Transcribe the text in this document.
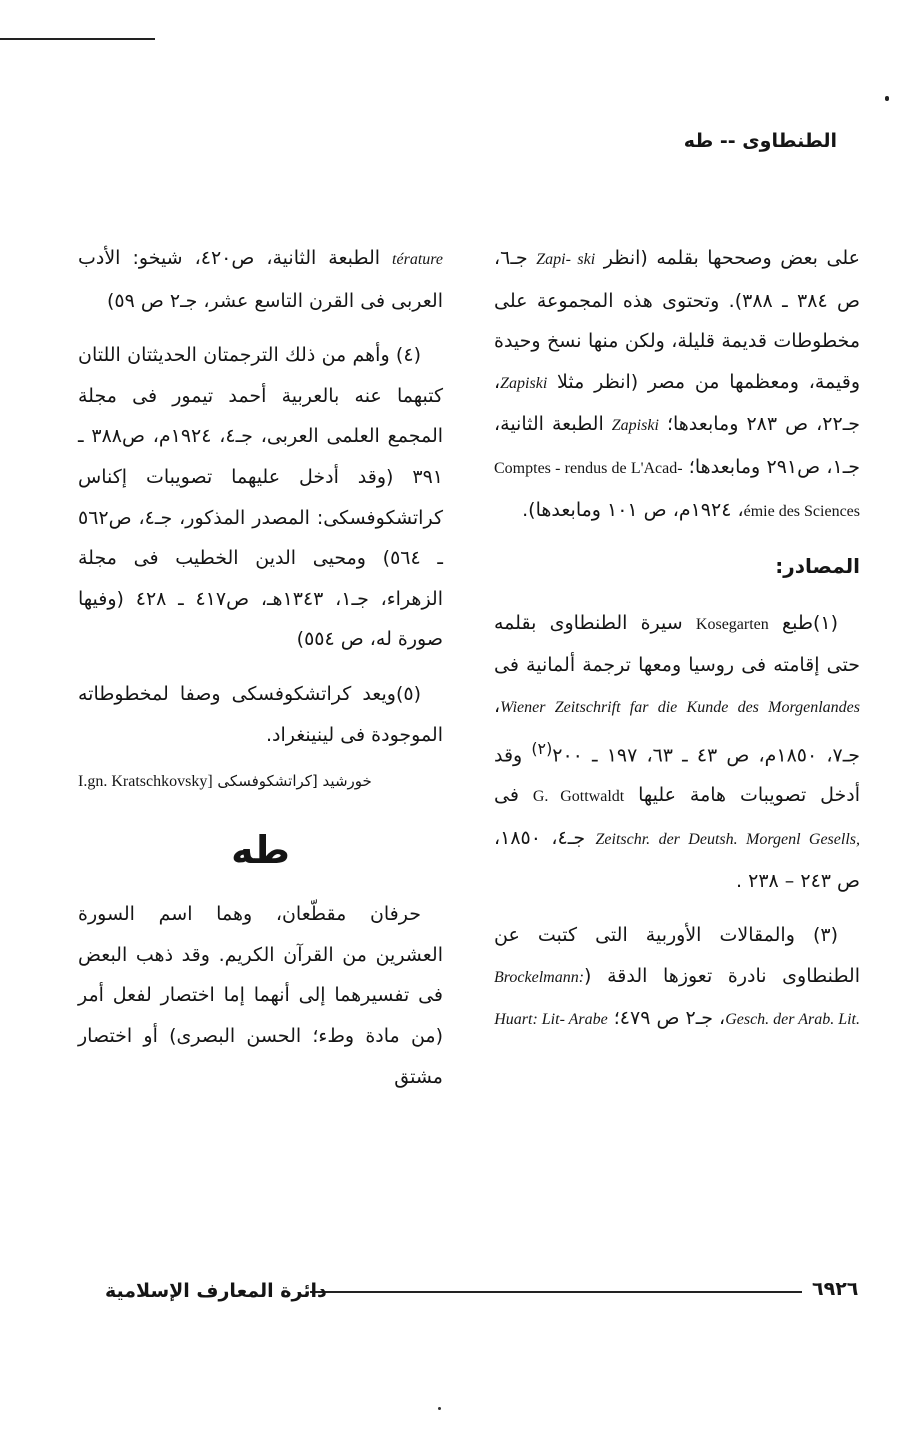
الطنطاوى -- طه

على بعض وصححها بقلمه (انظر Zapi- ski جـ٦، ص ٣٨٤ ـ ٣٨٨). وتحتوى هذه المجموعة على مخطوطات قديمة قليلة، ولكن منها نسخ وحيدة وقيمة، ومعظمها من مصر (انظر مثلا Zapiski، جـ٢٢، ص ٢٨٣ ومابعدها؛ Zapiski الطبعة الثانية، جـ١، ص٢٩١ ومابعدها؛ Comptes - rendus de L'Acad- émie des Sciences، ١٩٢٤م، ص ١٠١ ومابعدها).

المصادر:

(١)طبع Kosegarten سيرة الطنطاوى بقلمه حتى إقامته فى روسيا ومعها ترجمة ألمانية فى Wiener Zeitschrift far die Kunde des Morgenlandes، جـ٧، ١٨٥٠م، ص ٤٣ ـ ٦٣، ١٩٧ ـ ٢٠٠$^{(٢)}$ وقد أدخل تصويبات هامة عليها G. Gottwaldt فى Zeitschr. der Deutsh. Morgenl Gesells, جـ٤، ١٨٥٠، ص ٢٤٣ – ٢٣٨ .

(٣) والمقالات الأوربية التى كتبت عن الطنطاوى نادرة تعوزها الدقة (Brockelmann: Gesch. der Arab. Lit.، جـ٢ ص ٤٧٩؛ Huart: Lit- Arabe

térature الطبعة الثانية، ص٤٢٠، شيخو: الأدب العربى فى القرن التاسع عشر، جـ٢ ص ٥٩)

(٤) وأهم من ذلك الترجمتان الحديثتان اللتان كتبهما عنه بالعربية أحمد تيمور فى مجلة المجمع العلمى العربى، جـ٤، ١٩٢٤م، ص٣٨٨ ـ ٣٩١ (وقد أدخل عليهما تصويبات إكناس كراتشكوفسكى: المصدر المذكور، جـ٤، ص٥٦٢ ـ ٥٦٤) ومحيى الدين الخطيب فى مجلة الزهراء، جـ١، ١٣٤٣هـ، ص٤١٧ ـ ٤٢٨ (وفيها صورة له، ص ٥٥٤)

(٥)ويعد كراتشكوفسكى وصفا لمخطوطاته الموجودة فى لينينغراد.

خورشيد [كراتشكوفسكى I.gn. Kratschkovsky]

طه

حرفان مقطّعان، وهما اسم السورة العشرين من القرآن الكريم. وقد ذهب البعض فى تفسيرهما إلى أنهما إما اختصار لفعل أمر (من مادة وطء؛ الحسن البصرى) أو اختصار مشتق

٦٩٢٦
دائرة المعارف الإسلامية
